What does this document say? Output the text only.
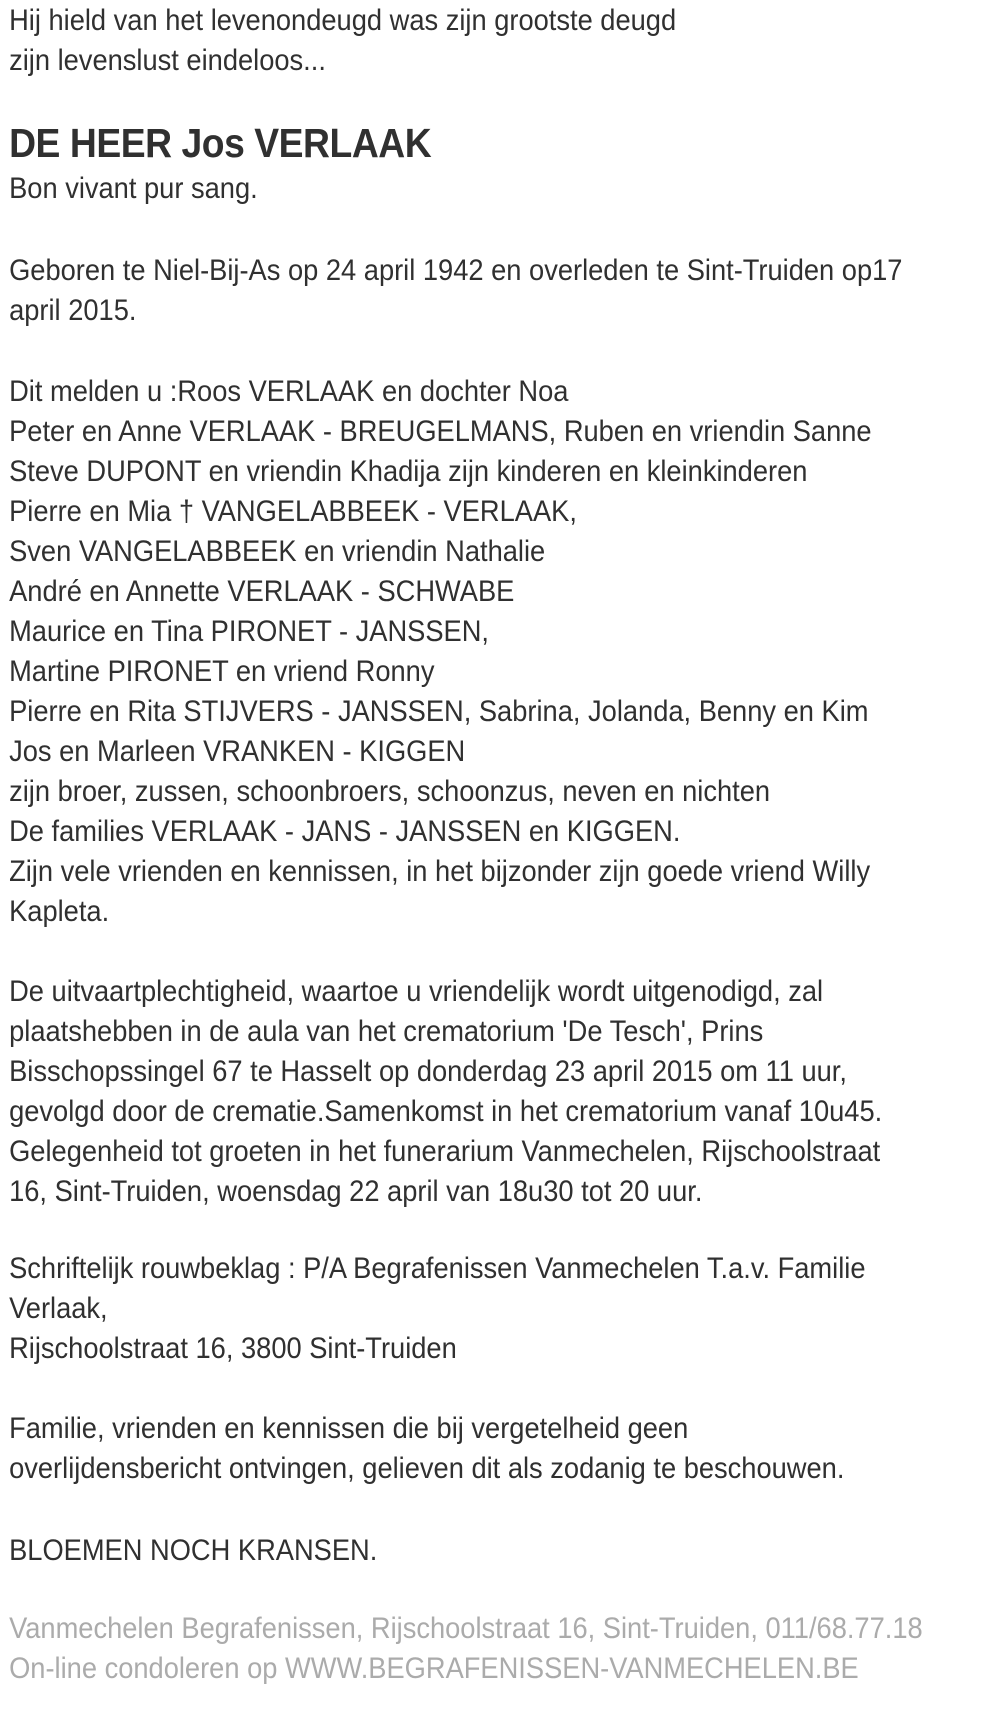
Hij hield van het levenondeugd was zijn grootste deugd
zijn levenslust eindeloos...
DE HEER Jos VERLAAK
Bon vivant pur sang.
Geboren te Niel-Bij-As op 24 april 1942 en overleden te Sint-Truiden op17
april 2015.
Dit melden u :Roos VERLAAK en dochter Noa
Peter en Anne VERLAAK - BREUGELMANS, Ruben en vriendin Sanne
Steve DUPONT en vriendin Khadija zijn kinderen en kleinkinderen
Pierre en Mia † VANGELABBEEK - VERLAAK,
Sven VANGELABBEEK en vriendin Nathalie
André en Annette VERLAAK - SCHWABE
Maurice en Tina PIRONET - JANSSEN,
Martine PIRONET en vriend Ronny
Pierre en Rita STIJVERS - JANSSEN, Sabrina, Jolanda, Benny en Kim
Jos en Marleen VRANKEN - KIGGEN
zijn broer, zussen, schoonbroers, schoonzus, neven en nichten
De families VERLAAK - JANS - JANSSEN en KIGGEN.
Zijn vele vrienden en kennissen, in het bijzonder zijn goede vriend Willy
Kapleta.
De uitvaartplechtigheid, waartoe u vriendelijk wordt uitgenodigd, zal
plaatshebben in de aula van het crematorium 'De Tesch', Prins
Bisschopssingel 67 te Hasselt op donderdag 23 april 2015 om 11 uur,
gevolgd door de crematie.Samenkomst in het crematorium vanaf 10u45.
Gelegenheid tot groeten in het funerarium Vanmechelen, Rijschoolstraat
16, Sint-Truiden, woensdag 22 april van 18u30 tot 20 uur.
Schriftelijk rouwbeklag : P/A Begrafenissen Vanmechelen T.a.v. Familie
Verlaak,
Rijschoolstraat 16, 3800 Sint-Truiden
Familie, vrienden en kennissen die bij vergetelheid geen
overlijdensbericht ontvingen, gelieven dit als zodanig te beschouwen.
BLOEMEN NOCH KRANSEN.
Vanmechelen Begrafenissen, Rijschoolstraat 16, Sint-Truiden, 011/68.77.18
On-line condoleren op WWW.BEGRAFENISSEN-VANMECHELEN.BE
